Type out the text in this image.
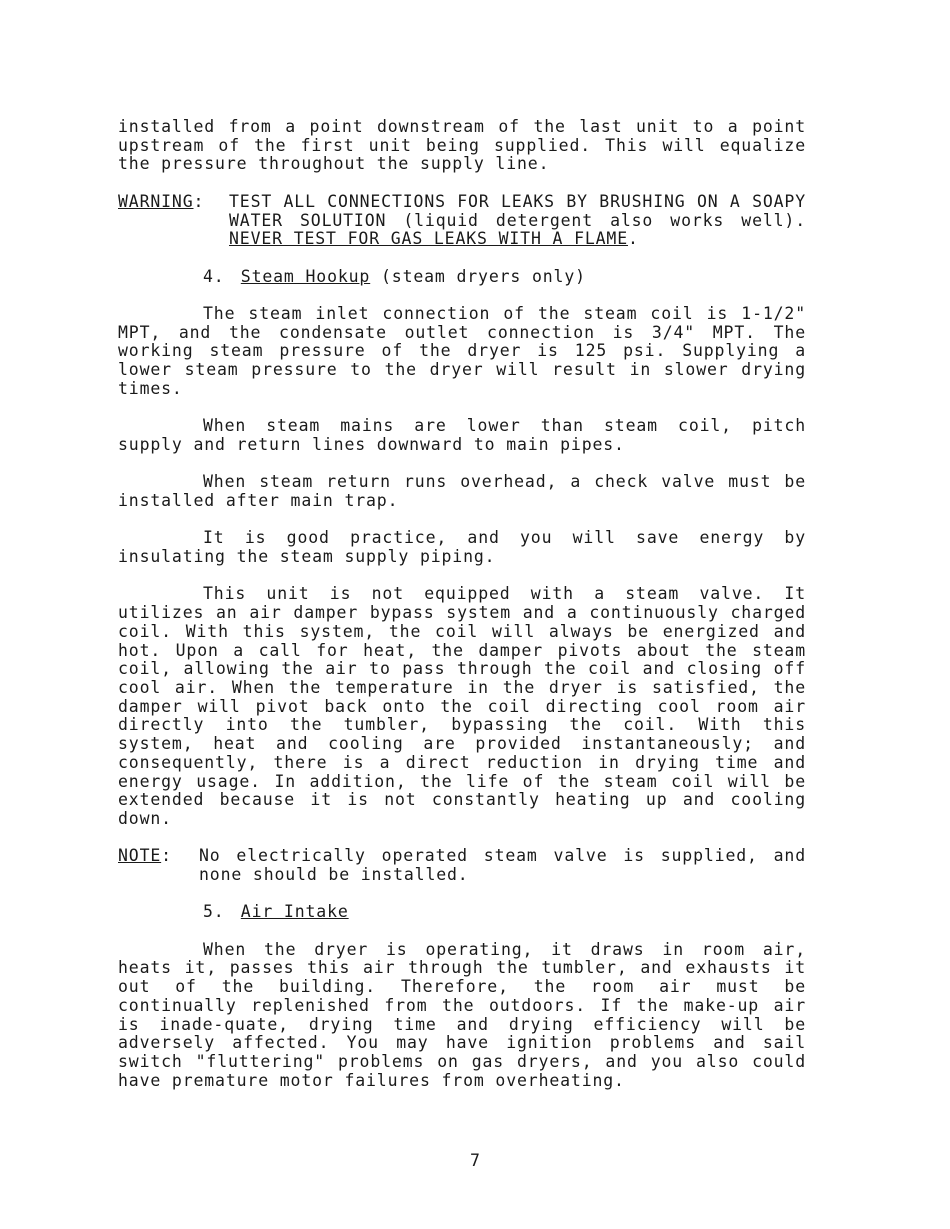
installed from a point downstream of the last unit to a point upstream of the first unit being supplied. This will equalize the pressure throughout the supply line.

WARNING:	TEST ALL CONNECTIONS FOR LEAKS BY BRUSHING ON A SOAPY WATER SOLUTION (liquid detergent also works well). NEVER TEST FOR GAS LEAKS WITH A FLAME.

4. Steam Hookup (steam dryers only)

The steam inlet connection of the steam coil is 1-1/2" MPT, and the condensate outlet connection is 3/4" MPT. The working steam pressure of the dryer is 125 psi. Supplying a lower steam pressure to the dryer will result in slower drying times.

When steam mains are lower than steam coil, pitch supply and return lines downward to main pipes.

When steam return runs overhead, a check valve must be installed after main trap.

It is good practice, and you will save energy by insulating the steam supply piping.

This unit is not equipped with a steam valve. It utilizes an air damper bypass system and a continuously charged coil. With this system, the coil will always be energized and hot. Upon a call for heat, the damper pivots about the steam coil, allowing the air to pass through the coil and closing off cool air. When the temperature in the dryer is satisfied, the damper will pivot back onto the coil directing cool room air directly into the tumbler, bypassing the coil. With this system, heat and cooling are provided instantaneously; and consequently, there is a direct reduction in drying time and energy usage. In addition, the life of the steam coil will be extended because it is not constantly heating up and cooling down.

NOTE:	No electrically operated steam valve is supplied, and none should be installed.

5. Air Intake

When the dryer is operating, it draws in room air, heats it, passes this air through the tumbler, and exhausts it out of the building. Therefore, the room air must be continually replenished from the outdoors. If the make-up air is inade-quate, drying time and drying efficiency will be adversely affected. You may have ignition problems and sail switch "fluttering" problems on gas dryers, and you also could have premature motor failures from overheating.

7
